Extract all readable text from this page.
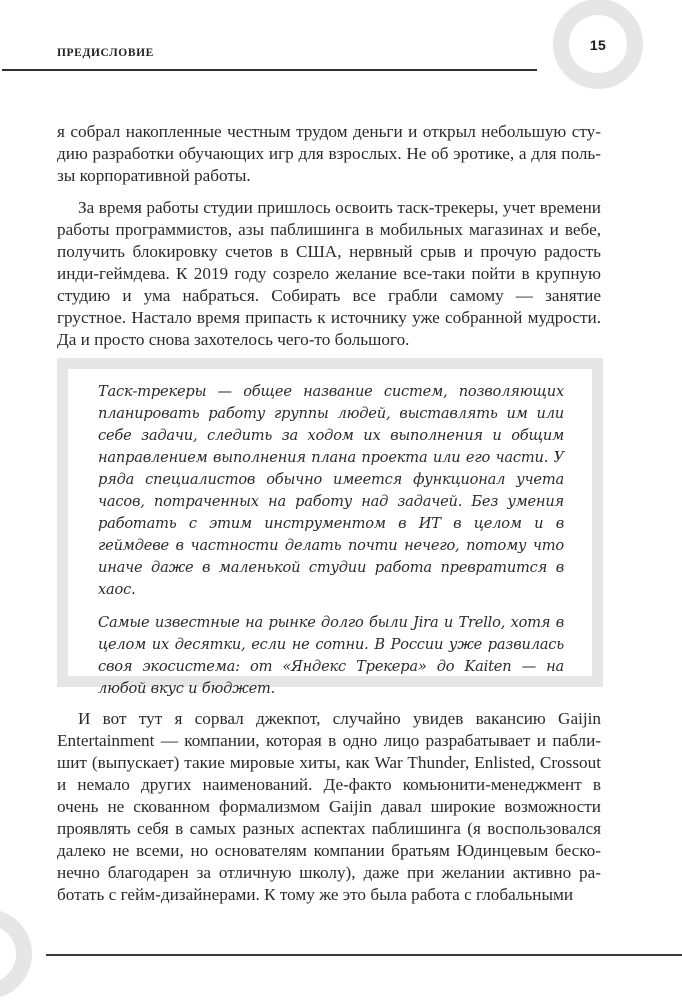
15
ПРЕДИСЛОВИЕ

я собрал накопленные честным трудом деньги и открыл небольшую студию разработки обучающих игр для взрослых. Не об эротике, а для пользы корпоративной работы.

За время работы студии пришлось освоить таск-трекеры, учет времени работы программистов, азы паблишинга в мобильных магазинах и вебе, получить блокировку счетов в США, нервный срыв и прочую радость инди-геймдева. К 2019 году созрело желание все-таки пойти в крупную студию и ума набраться. Собирать все грабли самому — занятие грустное. Настало время припасть к источнику уже собранной мудрости. Да и просто снова захотелось чего-то большого.

Таск-трекеры — общее название систем, позволяющих планировать работу группы людей, выставлять им или себе задачи, следить за ходом их выполнения и общим направлением выполнения плана проекта или его части. У ряда специалистов обычно имеется функционал учета часов, потраченных на работу над задачей. Без умения работать с этим инструментом в ИТ в целом и в геймдеве в частности делать почти нечего, потому что иначе даже в маленькой студии работа превратится в хаос.

Самые известные на рынке долго были Jira и Trello, хотя в целом их десятки, если не сотни. В России уже развилась своя экосистема: от «Яндекс Трекера» до Kaiten — на любой вкус и бюджет.

И вот тут я сорвал джекпот, случайно увидев вакансию Gaijin Entertainment — компании, которая в одно лицо разрабатывает и паблишит (выпускает) такие мировые хиты, как War Thunder, Enlisted, Crossout и немало других наименований. Де-факто комьюнити-менеджмент в очень не скованном формализмом Gaijin давал широкие возможности проявлять себя в самых разных аспектах паблишинга (я воспользовался далеко не всеми, но основателям компании братьям Юдинцевым бесконечно благодарен за отличную школу), даже при желании активно работать с гейм-дизайнерами. К тому же это была работа с глобальными
